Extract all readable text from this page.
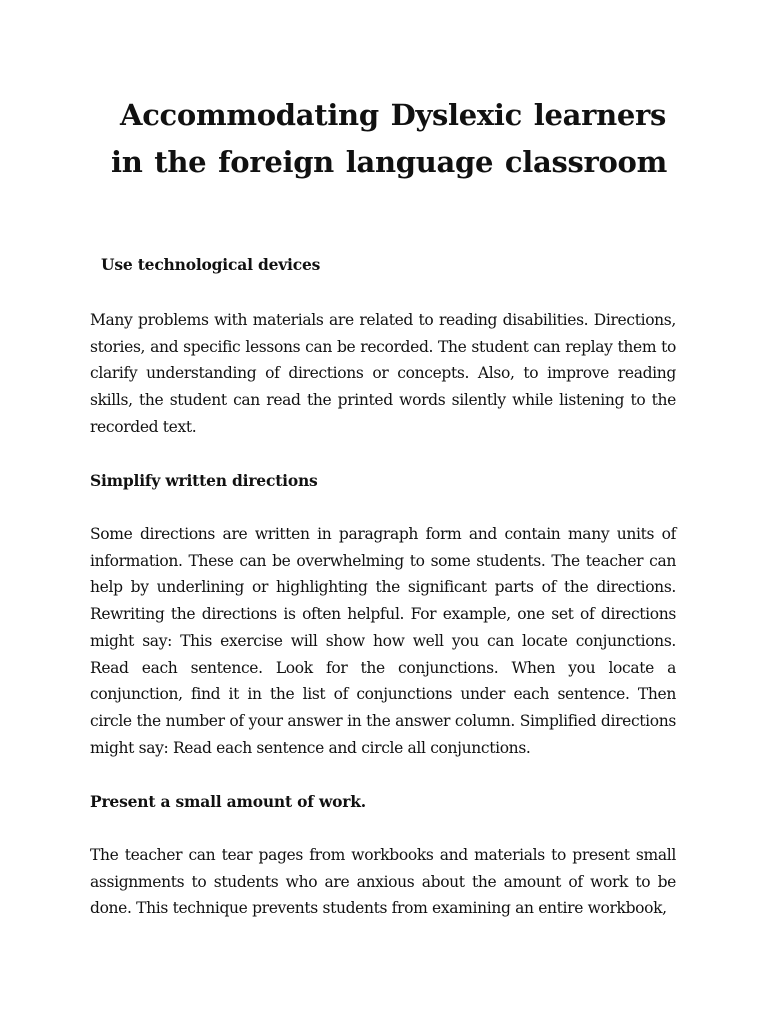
Accommodating Dyslexic learners
in the foreign language classroom
Use technological devices

Many problems with materials are related to reading disabilities. Directions, stories, and specific lessons can be recorded. The student can replay them to clarify understanding of directions or concepts. Also, to improve reading skills, the student can read the printed words silently while listening to the recorded text.

Simplify written directions

Some directions are written in paragraph form and contain many units of information. These can be overwhelming to some students. The teacher can help by underlining or highlighting the significant parts of the directions. Rewriting the directions is often helpful. For example, one set of directions might say: This exercise will show how well you can locate conjunctions. Read each sentence. Look for the conjunctions. When you locate a conjunction, find it in the list of conjunctions under each sentence. Then circle the number of your answer in the answer column. Simplified directions might say: Read each sentence and circle all conjunctions.

Present a small amount of work.

The teacher can tear pages from workbooks and materials to present small assignments to students who are anxious about the amount of work to be done. This technique prevents students from examining an entire workbook,
